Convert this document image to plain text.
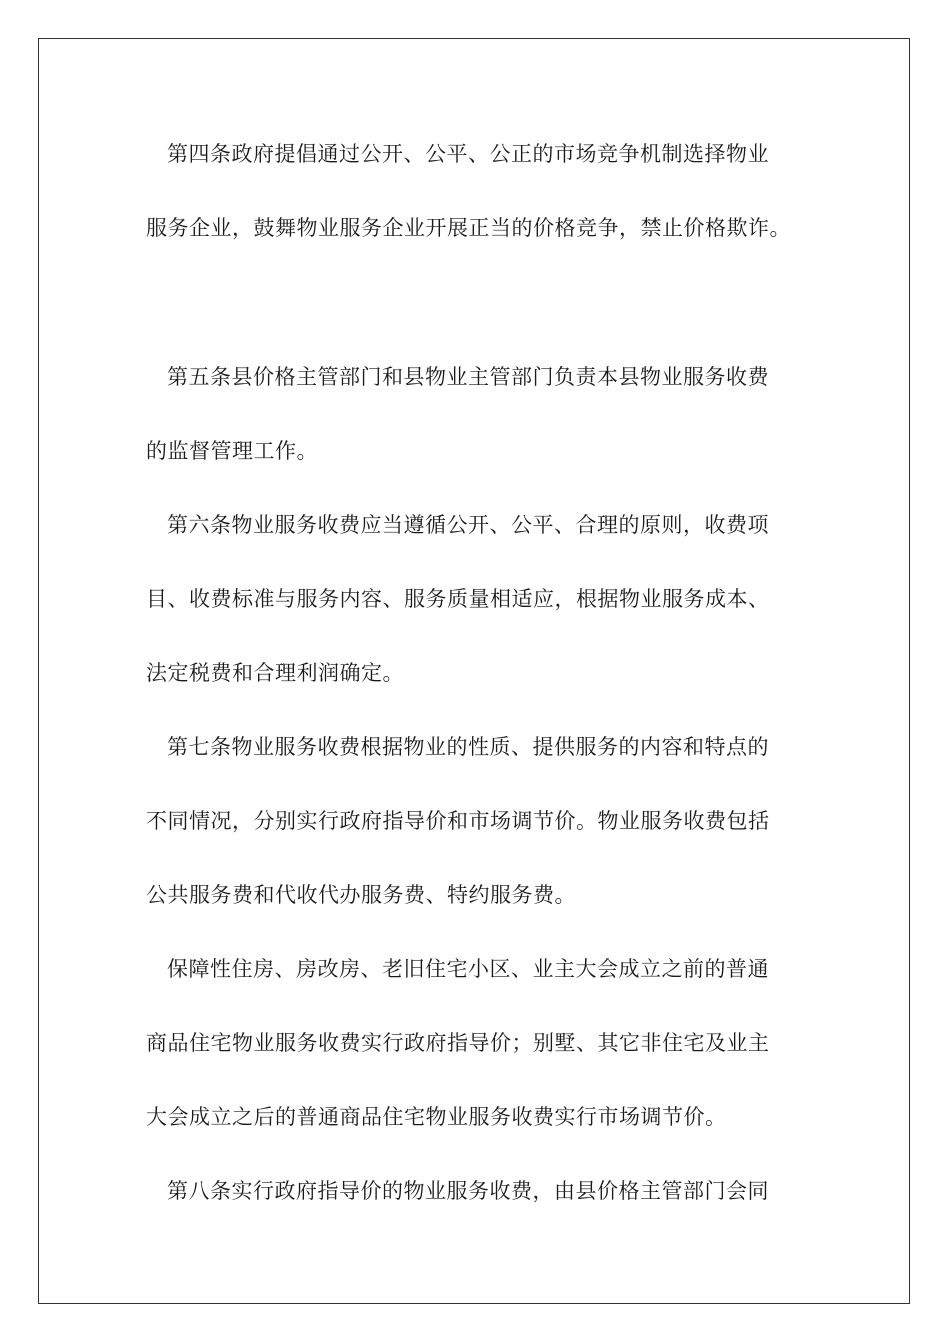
第四条政府提倡通过公开、公平、公正的市场竞争机制选择物业
服务企业，鼓舞物业服务企业开展正当的价格竞争，禁止价格欺诈。
第五条县价格主管部门和县物业主管部门负责本县物业服务收费
的监督管理工作。
第六条物业服务收费应当遵循公开、公平、合理的原则，收费项
目、收费标准与服务内容、服务质量相适应，根据物业服务成本、
法定税费和合理利润确定。
第七条物业服务收费根据物业的性质、提供服务的内容和特点的
不同情况，分别实行政府指导价和市场调节价。物业服务收费包括
公共服务费和代收代办服务费、特约服务费。
保障性住房、房改房、老旧住宅小区、业主大会成立之前的普通
商品住宅物业服务收费实行政府指导价；别墅、其它非住宅及业主
大会成立之后的普通商品住宅物业服务收费实行市场调节价。
第八条实行政府指导价的物业服务收费，由县价格主管部门会同
